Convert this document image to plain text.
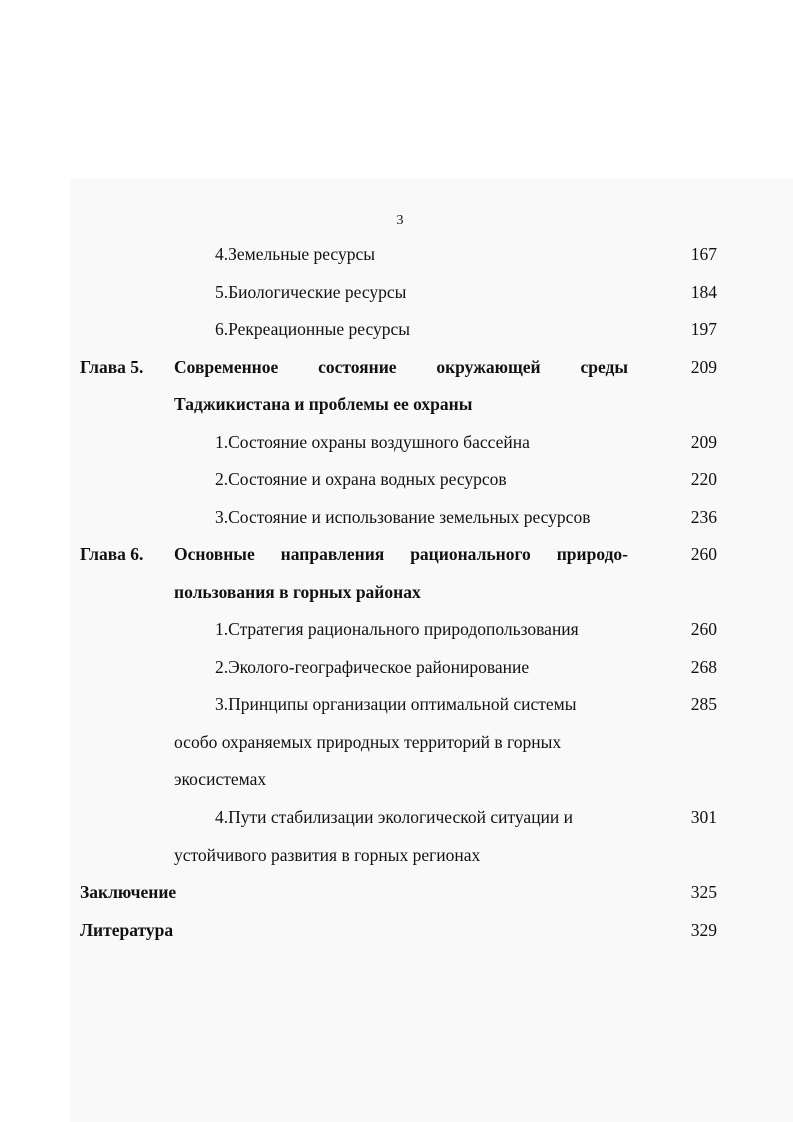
3
4.Земельные ресурсы	167
5.Биологические ресурсы	184
6.Рекреационные ресурсы	197
Глава 5. Современное состояние окружающей среды	209
Таджикистана и проблемы ее охраны
1.Состояние охраны воздушного бассейна	209
2.Состояние и охрана водных ресурсов	220
3.Состояние и использование земельных ресурсов	236
Глава 6. Основные направления рационального природо-	260
пользования в горных районах
1.Стратегия рационального природопользования	260
2.Эколого-географическое районирование	268
3.Принципы организации оптимальной системы	285
особо охраняемых природных территорий в горных
экосистемах
4.Пути стабилизации экологической ситуации и	301
устойчивого развития в горных регионах
Заключение	325
Литература	329
